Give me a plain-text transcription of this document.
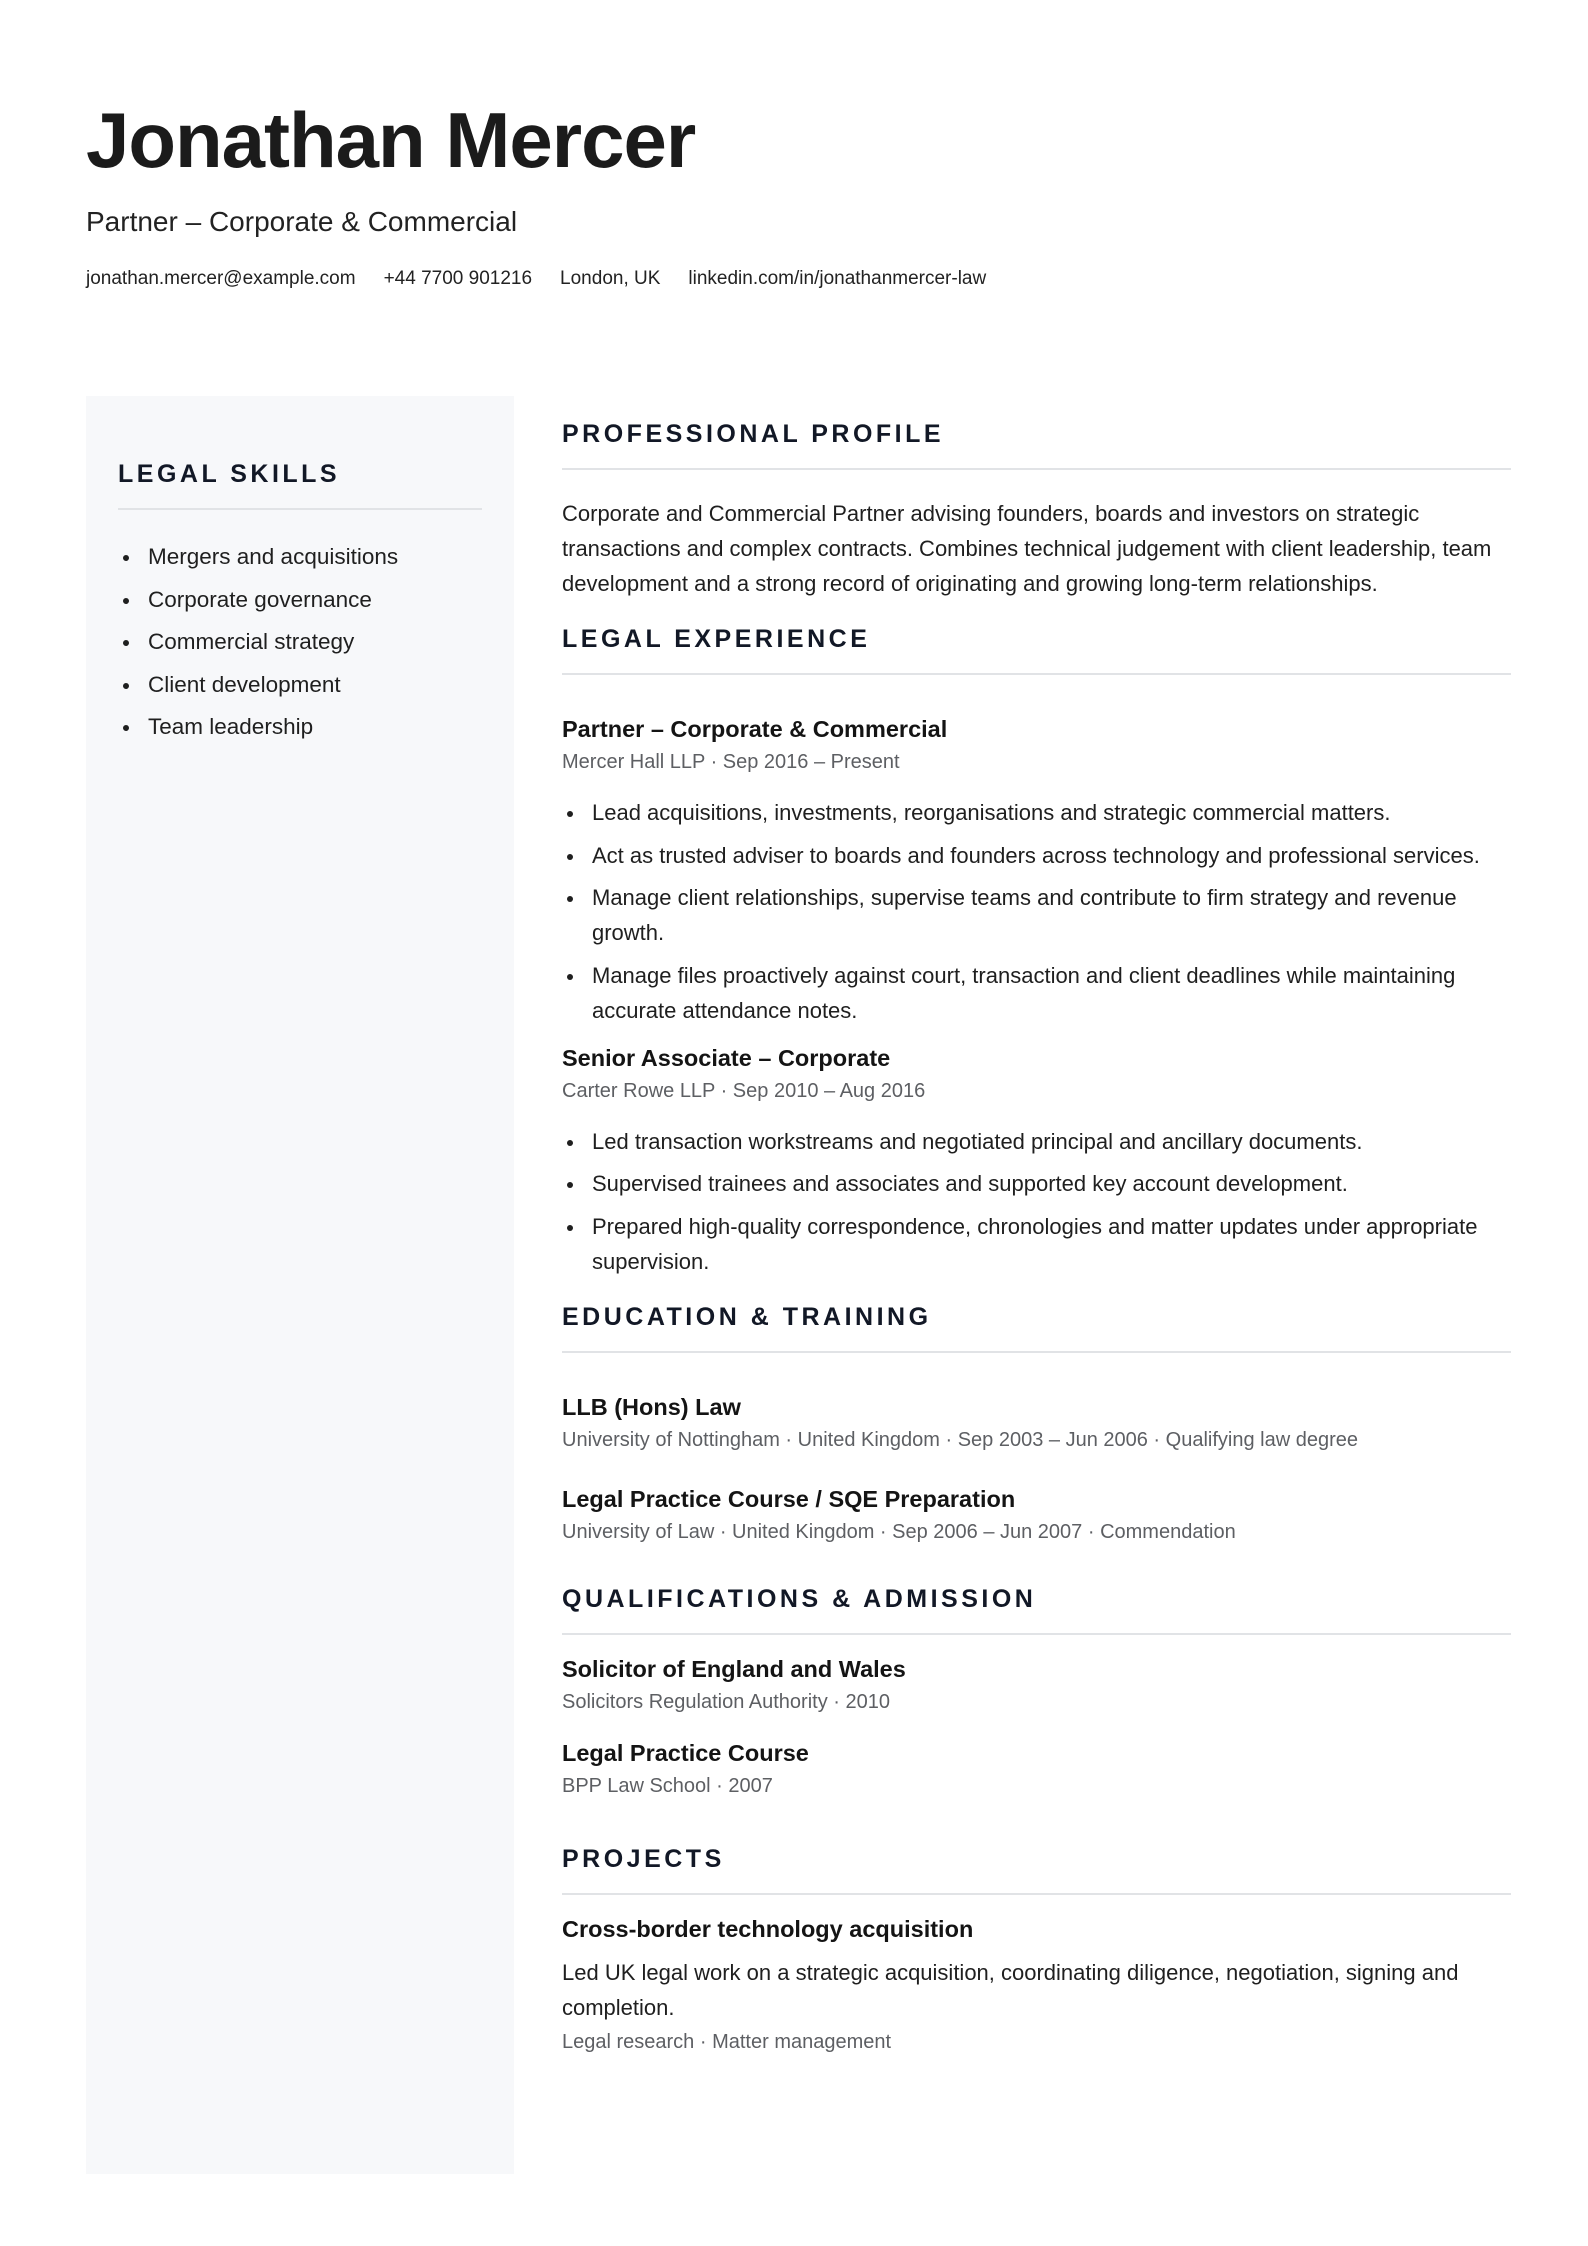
Jonathan Mercer
Partner – Corporate & Commercial
jonathan.mercer@example.com +44 7700 901216 London, UK linkedin.com/in/jonathanmercer-law
LEGAL SKILLS
Mergers and acquisitions
Corporate governance
Commercial strategy
Client development
Team leadership
PROFESSIONAL PROFILE

Corporate and Commercial Partner advising founders, boards and investors on strategic transactions and complex contracts. Combines technical judgement with client leadership, team development and a strong record of originating and growing long-term relationships.

LEGAL EXPERIENCE
Partner – Corporate & Commercial
Mercer Hall LLP · Sep 2016 – Present
Lead acquisitions, investments, reorganisations and strategic commercial matters.
Act as trusted adviser to boards and founders across technology and professional services.
Manage client relationships, supervise teams and contribute to firm strategy and revenue growth.
Manage files proactively against court, transaction and client deadlines while maintaining accurate attendance notes.
Senior Associate – Corporate
Carter Rowe LLP · Sep 2010 – Aug 2016
Led transaction workstreams and negotiated principal and ancillary documents.
Supervised trainees and associates and supported key account development.
Prepared high-quality correspondence, chronologies and matter updates under appropriate supervision.
EDUCATION & TRAINING
LLB (Hons) Law
University of Nottingham · United Kingdom · Sep 2003 – Jun 2006 · Qualifying law degree
Legal Practice Course / SQE Preparation
University of Law · United Kingdom · Sep 2006 – Jun 2007 · Commendation
QUALIFICATIONS & ADMISSION
Solicitor of England and Wales
Solicitors Regulation Authority · 2010
Legal Practice Course
BPP Law School · 2007
PROJECTS
Cross-border technology acquisition
Led UK legal work on a strategic acquisition, coordinating diligence, negotiation, signing and completion.
Legal research · Matter management
